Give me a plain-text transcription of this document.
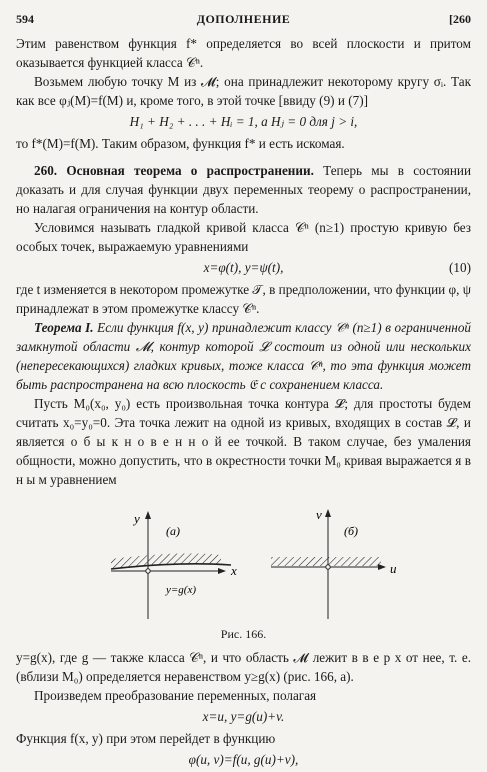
594	ДОПОЛНЕНИЕ	[260

Этим равенством функция f* определяется во всей плоскости и притом оказывается функцией класса 𝒞ⁿ.

Возьмем любую точку M из 𝓜; она принадлежит некоторому кругу σᵢ. Так как все φⱼ(M)=f(M) и, кроме того, в этой точке [ввиду (9) и (7)]

H₁ + H₂ + . . . + Hᵢ = 1, а Hⱼ = 0 для j > i,

то f*(M)=f(M). Таким образом, функция f* и есть искомая.

260. Основная теорема о распространении. Теперь мы в состоянии доказать и для случая функции двух переменных теорему о распространении, но налагая ограничения на контур области.

Условимся называть гладкой кривой класса 𝒞ⁿ (n≥1) простую кривую без особых точек, выражаемую уравнениями

x=φ(t), y=ψ(t),	(10)

где t изменяется в некотором промежутке 𝒯, в предположении, что функции φ, ψ принадлежат в этом промежутке классу 𝒞ⁿ.

Теорема I. Если функция f(x, y) принадлежит классу 𝒞ⁿ (n≥1) в ограниченной замкнутой области 𝓜, контур которой 𝓛 состоит из одной или нескольких (непересекающихся) гладких кривых, тоже класса 𝒞ⁿ, то эта функция может быть распространена на всю плоскость 𝔈 с сохранением класса.

Пусть M₀(x₀, y₀) есть произвольная точка контура 𝓛; для простоты будем считать x₀=y₀=0. Эта точка лежит на одной из кривых, входящих в состав 𝓛, и является о б ы к н о в е н н о й ее точкой. В таком случае, без умаления общности, можно допустить, что в окрестности точки M₀ кривая выражается я в н ы м уравнением

y
(а)
x
y=g(x)
v
(б)
u
Рис. 166.

y=g(x), где g — также класса 𝒞ⁿ, и что область 𝓜 лежит в в е р х от нее, т. е. (вблизи M₀) определяется неравенством y≥g(x) (рис. 166, а).

Произведем преобразование переменных, полагая

x=u, y=g(u)+v.

Функция f(x, y) при этом перейдет в функцию

φ(u, v)=f(u, g(u)+v),
